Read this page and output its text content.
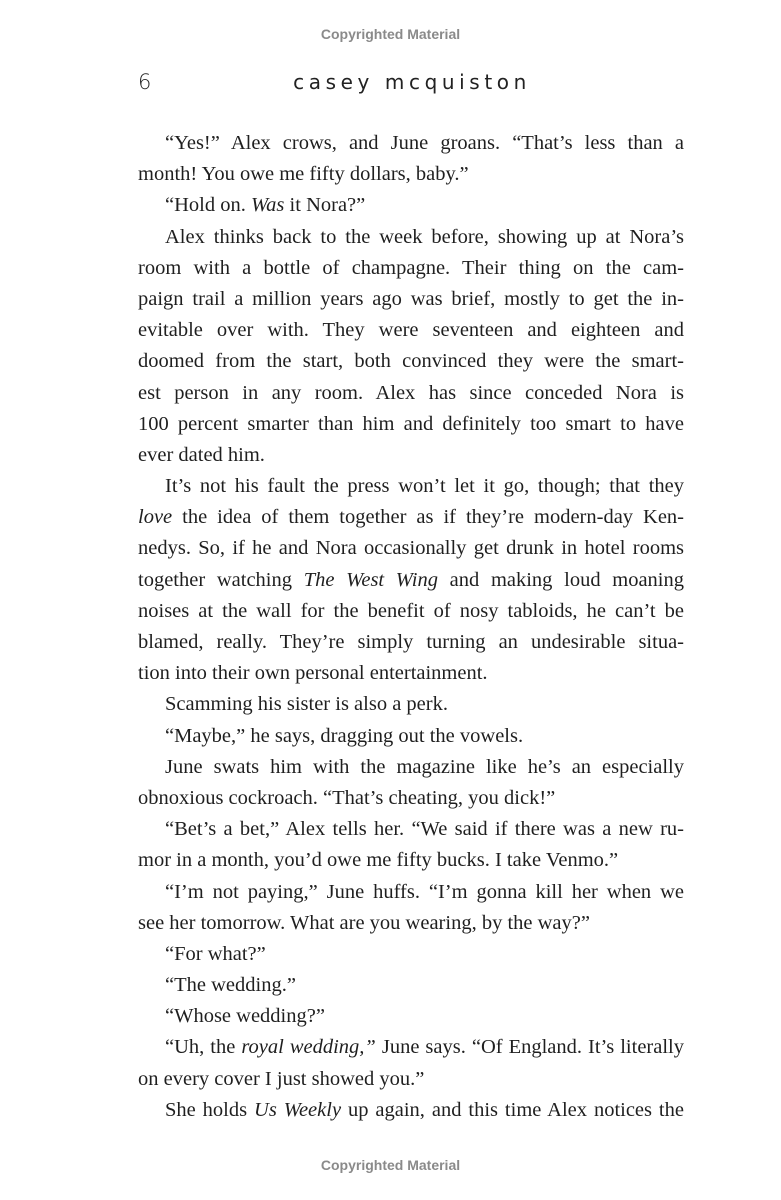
Copyrighted Material
6	casey mcquiston
“Yes!” Alex crows, and June groans. “That’s less than a
month! You owe me fifty dollars, baby.”
“Hold on. Was it Nora?”
Alex thinks back to the week before, showing up at Nora’s
room with a bottle of champagne. Their thing on the cam-
paign trail a million years ago was brief, mostly to get the in-
evitable over with. They were seventeen and eighteen and
doomed from the start, both convinced they were the smart-
est person in any room. Alex has since conceded Nora is
100 percent smarter than him and definitely too smart to have
ever dated him.
It’s not his fault the press won’t let it go, though; that they
love the idea of them together as if they’re modern-day Ken-
nedys. So, if he and Nora occasionally get drunk in hotel rooms
together watching The West Wing and making loud moaning
noises at the wall for the benefit of nosy tabloids, he can’t be
blamed, really. They’re simply turning an undesirable situa-
tion into their own personal entertainment.
Scamming his sister is also a perk.
“Maybe,” he says, dragging out the vowels.
June swats him with the magazine like he’s an especially
obnoxious cockroach. “That’s cheating, you dick!”
“Bet’s a bet,” Alex tells her. “We said if there was a new ru-
mor in a month, you’d owe me fifty bucks. I take Venmo.”
“I’m not paying,” June huffs. “I’m gonna kill her when we
see her tomorrow. What are you wearing, by the way?”
“For what?”
“The wedding.”
“Whose wedding?”
“Uh, the royal wedding,” June says. “Of England. It’s literally
on every cover I just showed you.”
She holds Us Weekly up again, and this time Alex notices the
Copyrighted Material
